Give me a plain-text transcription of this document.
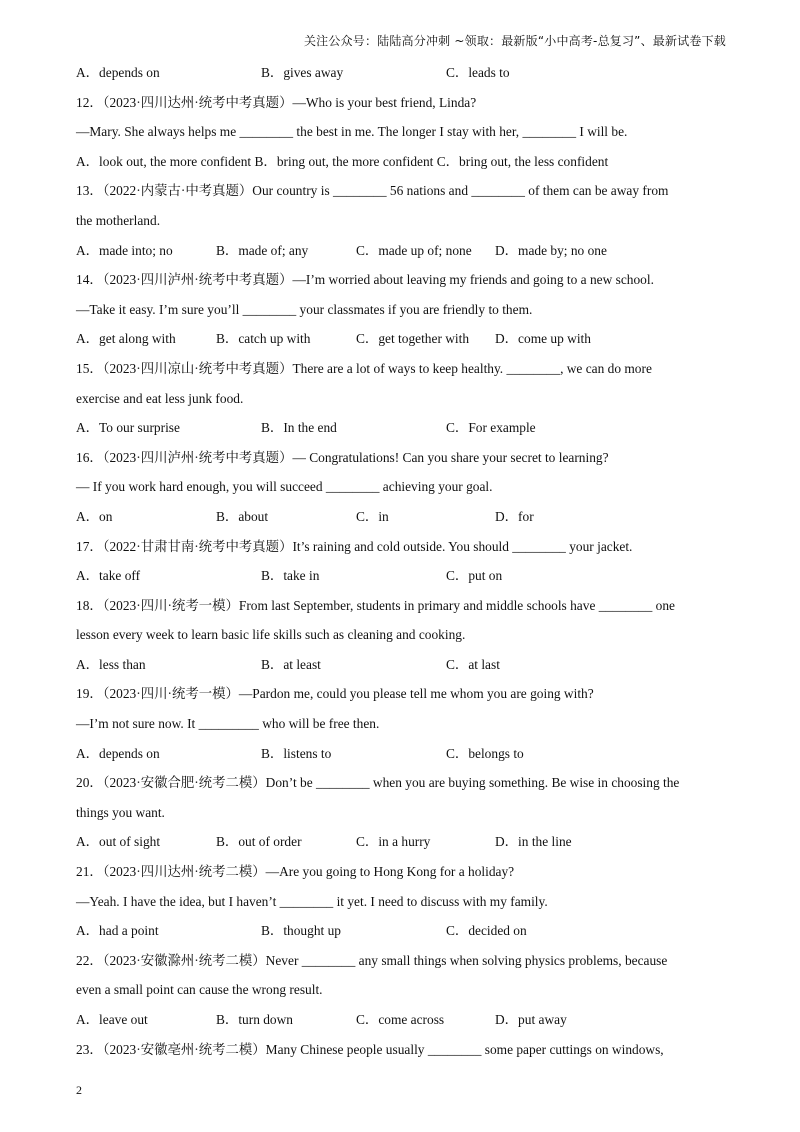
关注公众号：陆陆高分冲刺 ~领取：最新版“小中高考-总复习”、最新试卷下载
A．depends on	B．gives away	C．leads to
12．（2023·四川达州·统考中考真题）—Who is your best friend, Linda?
—Mary. She always helps me ________ the best in me. The longer I stay with her, ________ I will be.
A．look out, the more confident B．bring out, the more confident C．bring out, the less confident
13．（2022·内蒙古·中考真题）Our country is ________ 56 nations and ________ of them can be away from
the motherland.
A．made into; no	B．made of; any	C．made up of; none D．made by; no one
14．（2023·四川泸州·统考中考真题）—I’m worried about leaving my friends and going to a new school.
—Take it easy. I’m sure you’ll ________ your classmates if you are friendly to them.
A．get along with	B．catch up with	C．get together with D．come up with
15．（2023·四川凉山·统考中考真题）There are a lot of ways to keep healthy. ________, we can do more
exercise and eat less junk food.
A．To our surprise	B．In the end	C．For example
16．（2023·四川泸州·统考中考真题）— Congratulations! Can you share your secret to learning?
— If you work hard enough, you will succeed ________ achieving your goal.
A．on	B．about	C．in	D．for
17．（2022·甘肃甘南·统考中考真题）It’s raining and cold outside. You should ________ your jacket.
A．take off	B．take in	C．put on
18．（2023·四川·统考一模）From last September, students in primary and middle schools have ________ one
lesson every week to learn basic life skills such as cleaning and cooking.
A．less than	B．at least	C．at last
19．（2023·四川·统考一模）—Pardon me, could you please tell me whom you are going with?
—I’m not sure now. It _________ who will be free then.
A．depends on	B．listens to	C．belongs to
20．（2023·安徽合肥·统考二模）Don’t be ________ when you are buying something. Be wise in choosing the
things you want.
A．out of sight	B．out of order	C．in a hurry	D．in the line
21．（2023·四川达州·统考二模）—Are you going to Hong Kong for a holiday?
—Yeah. I have the idea, but I haven’t ________ it yet. I need to discuss with my family.
A．had a point	B．thought up	C．decided on
22．（2023·安徽滁州·统考二模）Never ________ any small things when solving physics problems, because
even a small point can cause the wrong result.
A．leave out	B．turn down	C．come across	D．put away
23．（2023·安徽亳州·统考二模）Many Chinese people usually ________ some paper cuttings on windows,
2
